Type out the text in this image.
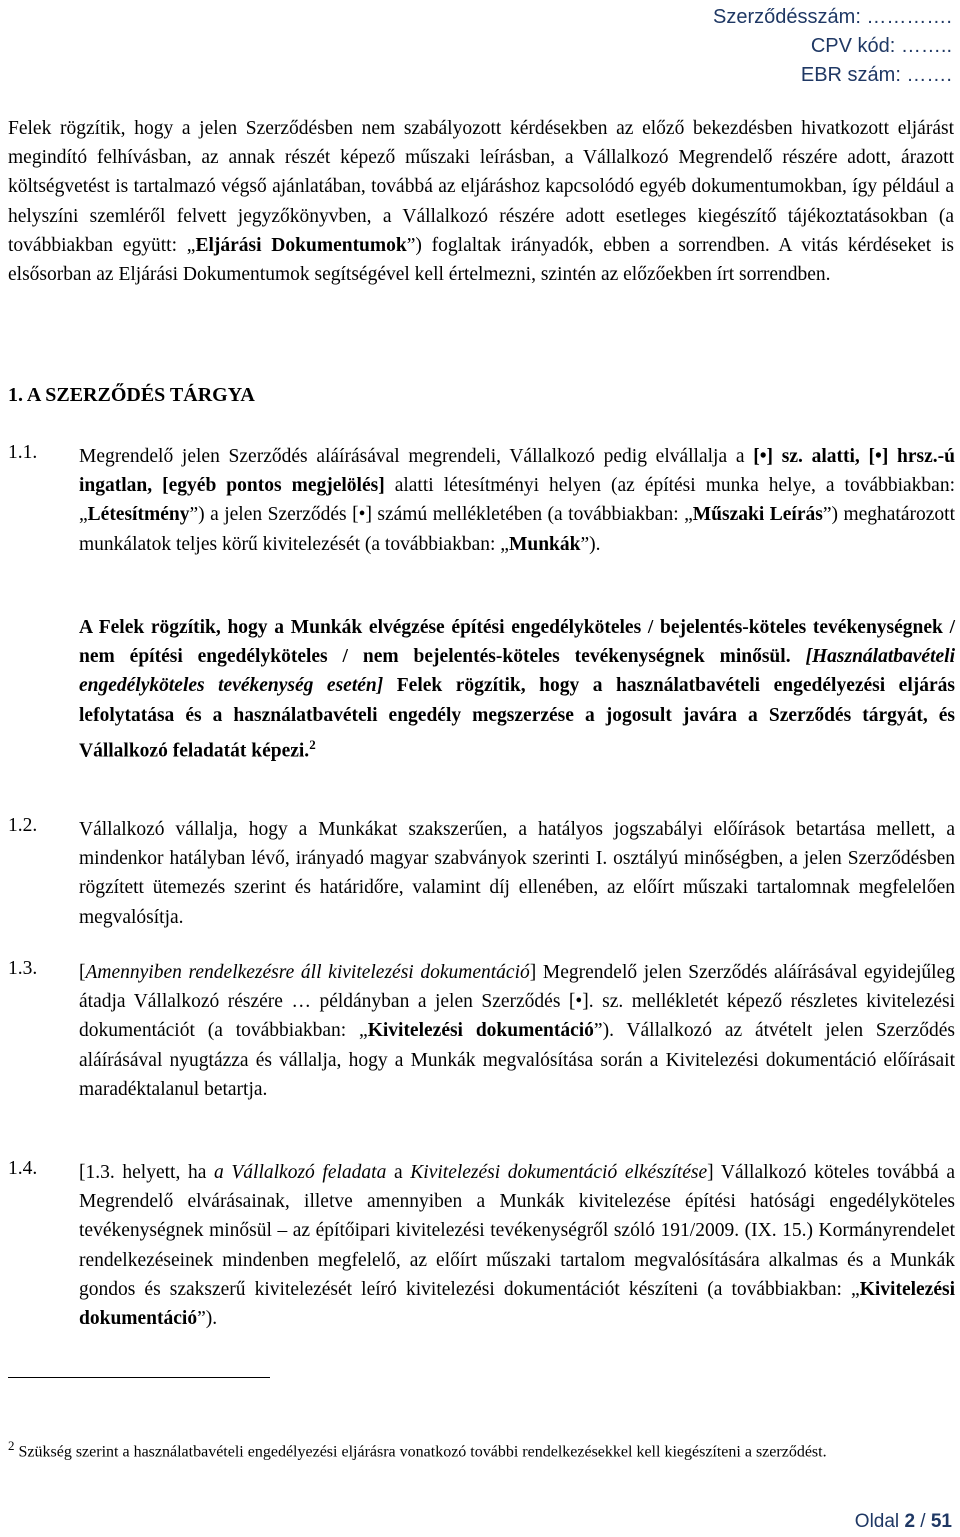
Szerződésszám: ………….
CPV kód: ……..
EBR szám: …….

Felek rögzítik, hogy a jelen Szerződésben nem szabályozott kérdésekben az előző bekezdésben hivatkozott eljárást megindító felhívásban, az annak részét képező műszaki leírásban, a Vállalkozó Megrendelő részére adott, árazott költségvetést is tartalmazó végső ajánlatában, továbbá az eljáráshoz kapcsolódó egyéb dokumentumokban, így például a helyszíni szemléről felvett jegyzőkönyvben, a Vállalkozó részére adott esetleges kiegészítő tájékoztatásokban (a továbbiakban együtt: „Eljárási Dokumentumok”) foglaltak irányadók, ebben a sorrendben. A vitás kérdéseket is elsősorban az Eljárási Dokumentumok segítségével kell értelmezni, szintén az előzőekben írt sorrendben.

1. A SZERZŐDÉS TÁRGYA
1.1. Megrendelő jelen Szerződés aláírásával megrendeli, Vállalkozó pedig elvállalja a [•] sz. alatti, [•] hrsz.-ú ingatlan, [egyéb pontos megjelölés] alatti létesítményi helyen (az építési munka helye, a továbbiakban: „Létesítmény”) a jelen Szerződés [•] számú mellékletében (a továbbiakban: „Műszaki Leírás”) meghatározott munkálatok teljes körű kivitelezését (a továbbiakban: „Munkák”).

A Felek rögzítik, hogy a Munkák elvégzése építési engedélyköteles / bejelentés-köteles tevékenységnek / nem építési engedélyköteles / nem bejelentés-köteles tevékenységnek minősül. [Használatbavételi engedélyköteles tevékenység esetén] Felek rögzítik, hogy a használatbavételi engedélyezési eljárás lefolytatása és a használatbavételi engedély megszerzése a jogosult javára a Szerződés tárgyát, és Vállalkozó feladatát képezi.$^2$

1.2. Vállalkozó vállalja, hogy a Munkákat szakszerűen, a hatályos jogszabályi előírások betartása mellett, a mindenkor hatályban lévő, irányadó magyar szabványok szerinti I. osztályú minőségben, a jelen Szerződésben rögzített ütemezés szerint és határidőre, valamint díj ellenében, az előírt műszaki tartalomnak megfelelően megvalósítja.

1.3. [Amennyiben rendelkezésre áll kivitelezési dokumentáció] Megrendelő jelen Szerződés aláírásával egyidejűleg átadja Vállalkozó részére … példányban a jelen Szerződés [•]. sz. mellékletét képező részletes kivitelezési dokumentációt (a továbbiakban: „Kivitelezési dokumentáció”). Vállalkozó az átvételt jelen Szerződés aláírásával nyugtázza és vállalja, hogy a Munkák megvalósítása során a Kivitelezési dokumentáció előírásait maradéktalanul betartja.

1.4. [1.3. helyett, ha a Vállalkozó feladata a Kivitelezési dokumentáció elkészítése] Vállalkozó köteles továbbá a Megrendelő elvárásainak, illetve amennyiben a Munkák kivitelezése építési hatósági engedélyköteles tevékenységnek minősül – az építőipari kivitelezési tevékenységről szóló 191/2009. (IX. 15.) Kormányrendelet rendelkezéseinek mindenben megfelelő, az előírt műszaki tartalom megvalósítására alkalmas és a Munkák gondos és szakszerű kivitelezését leíró kivitelezési dokumentációt készíteni (a továbbiakban: „Kivitelezési dokumentáció”).

$^2$ Szükség szerint a használatbavételi engedélyezési eljárásra vonatkozó további rendelkezésekkel kell kiegészíteni a szerződést.
Oldal 2 / 51
